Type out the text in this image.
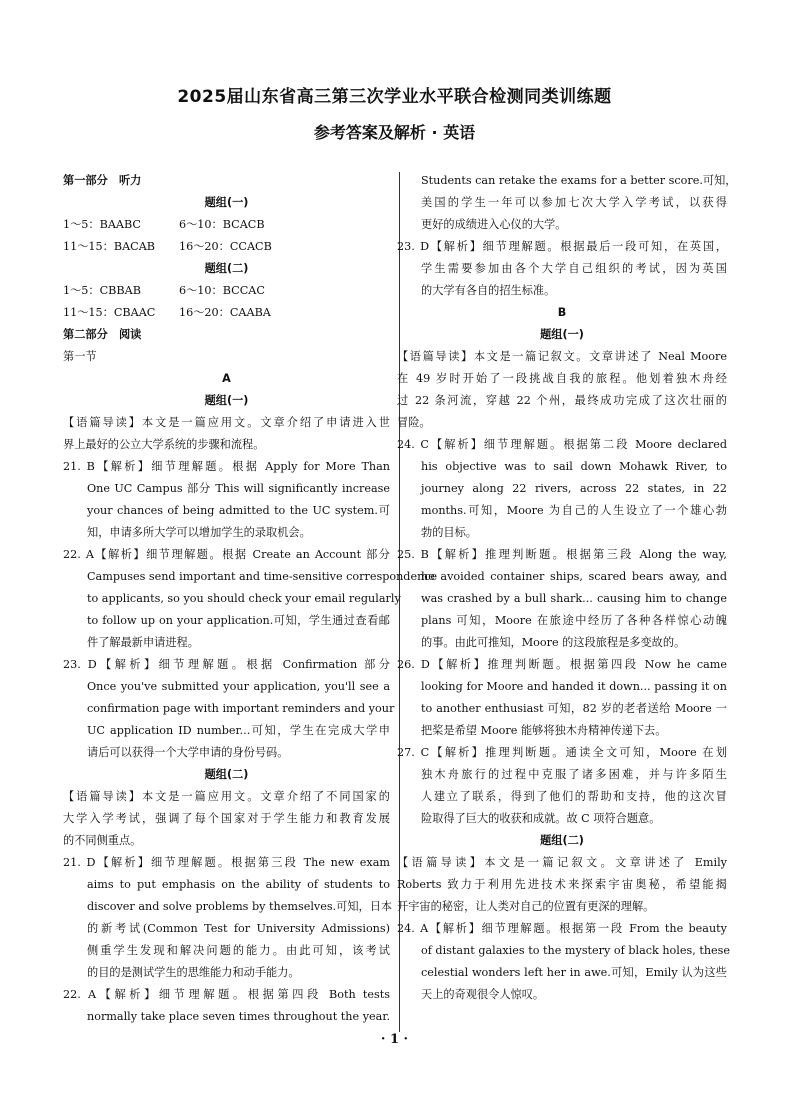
2025届山东省高三第三次学业水平联合检测同类训练题
参考答案及解析 · 英语
第一部分　听力
题组(一)
1～5：BAABC	6～10：BCACB
11～15：BACAB	16～20：CCACB
题组(二)
1～5：CBBAB	6～10：BCCAC
11～15：CBAAC	16～20：CAABA
第二部分　阅读
第一节
A
题组(一)
【语篇导读】本文是一篇应用文。文章介绍了申请进入世
界上最好的公立大学系统的步骤和流程。
21. B【解析】细节理解题。根据 Apply for More Than
One UC Campus 部分 This will significantly increase
your chances of being admitted to the UC system.可
知，申请多所大学可以增加学生的录取机会。
22. A【解析】细节理解题。根据 Create an Account 部分
Campuses send important and time-sensitive correspondence
to applicants, so you should check your email regularly
to follow up on your application.可知，学生通过查看邮
件了解最新申请进程。
23. D【解析】细节理解题。根据 Confirmation 部分
Once you've submitted your application, you'll see a
confirmation page with important reminders and your
UC application ID number...可知，学生在完成大学申
请后可以获得一个大学申请的身份号码。
题组(二)
【语篇导读】本文是一篇应用文。文章介绍了不同国家的
大学入学考试，强调了每个国家对于学生能力和教育发展
的不同侧重点。
21. D【解析】细节理解题。根据第三段 The new exam
aims to put emphasis on the ability of students to
discover and solve problems by themselves.可知，日本
的新考试(Common Test for University Admissions)
侧重学生发现和解决问题的能力。由此可知，该考试
的目的是测试学生的思维能力和动手能力。
22. A【解析】细节理解题。根据第四段 Both tests
normally take place seven times throughout the year.
Students can retake the exams for a better score.可知，
美国的学生一年可以参加七次大学入学考试，以获得
更好的成绩进入心仪的大学。
23. D【解析】细节理解题。根据最后一段可知，在英国，
学生需要参加由各个大学自己组织的考试，因为英国
的大学有各自的招生标准。
B
题组(一)
【语篇导读】本文是一篇记叙文。文章讲述了 Neal Moore
在 49 岁时开始了一段挑战自我的旅程。他划着独木舟经
过 22 条河流，穿越 22 个州，最终成功完成了这次壮丽的
冒险。
24. C【解析】细节理解题。根据第二段 Moore declared
his objective was to sail down Mohawk River, to
journey along 22 rivers, across 22 states, in 22
months.可知，Moore 为自己的人生设立了一个雄心勃
勃的目标。
25. B【解析】推理判断题。根据第三段 Along the way,
he avoided container ships, scared bears away, and
was crashed by a bull shark... causing him to change
plans 可知，Moore 在旅途中经历了各种各样惊心动魄
的事。由此可推知，Moore 的这段旅程是多变故的。
26. D【解析】推理判断题。根据第四段 Now he came
looking for Moore and handed it down... passing it on
to another enthusiast 可知，82 岁的老者送给 Moore 一
把桨是希望 Moore 能够将独木舟精神传递下去。
27. C【解析】推理判断题。通读全文可知，Moore 在划
独木舟旅行的过程中克服了诸多困难，并与许多陌生
人建立了联系，得到了他们的帮助和支持，他的这次冒
险取得了巨大的收获和成就。故 C 项符合题意。
题组(二)
【语篇导读】本文是一篇记叙文。文章讲述了 Emily
Roberts 致力于利用先进技术来探索宇宙奥秘，希望能揭
开宇宙的秘密，让人类对自己的位置有更深的理解。
24. A【解析】细节理解题。根据第一段 From the beauty
of distant galaxies to the mystery of black holes, these
celestial wonders left her in awe.可知，Emily 认为这些
天上的奇观很令人惊叹。
· 1 ·
